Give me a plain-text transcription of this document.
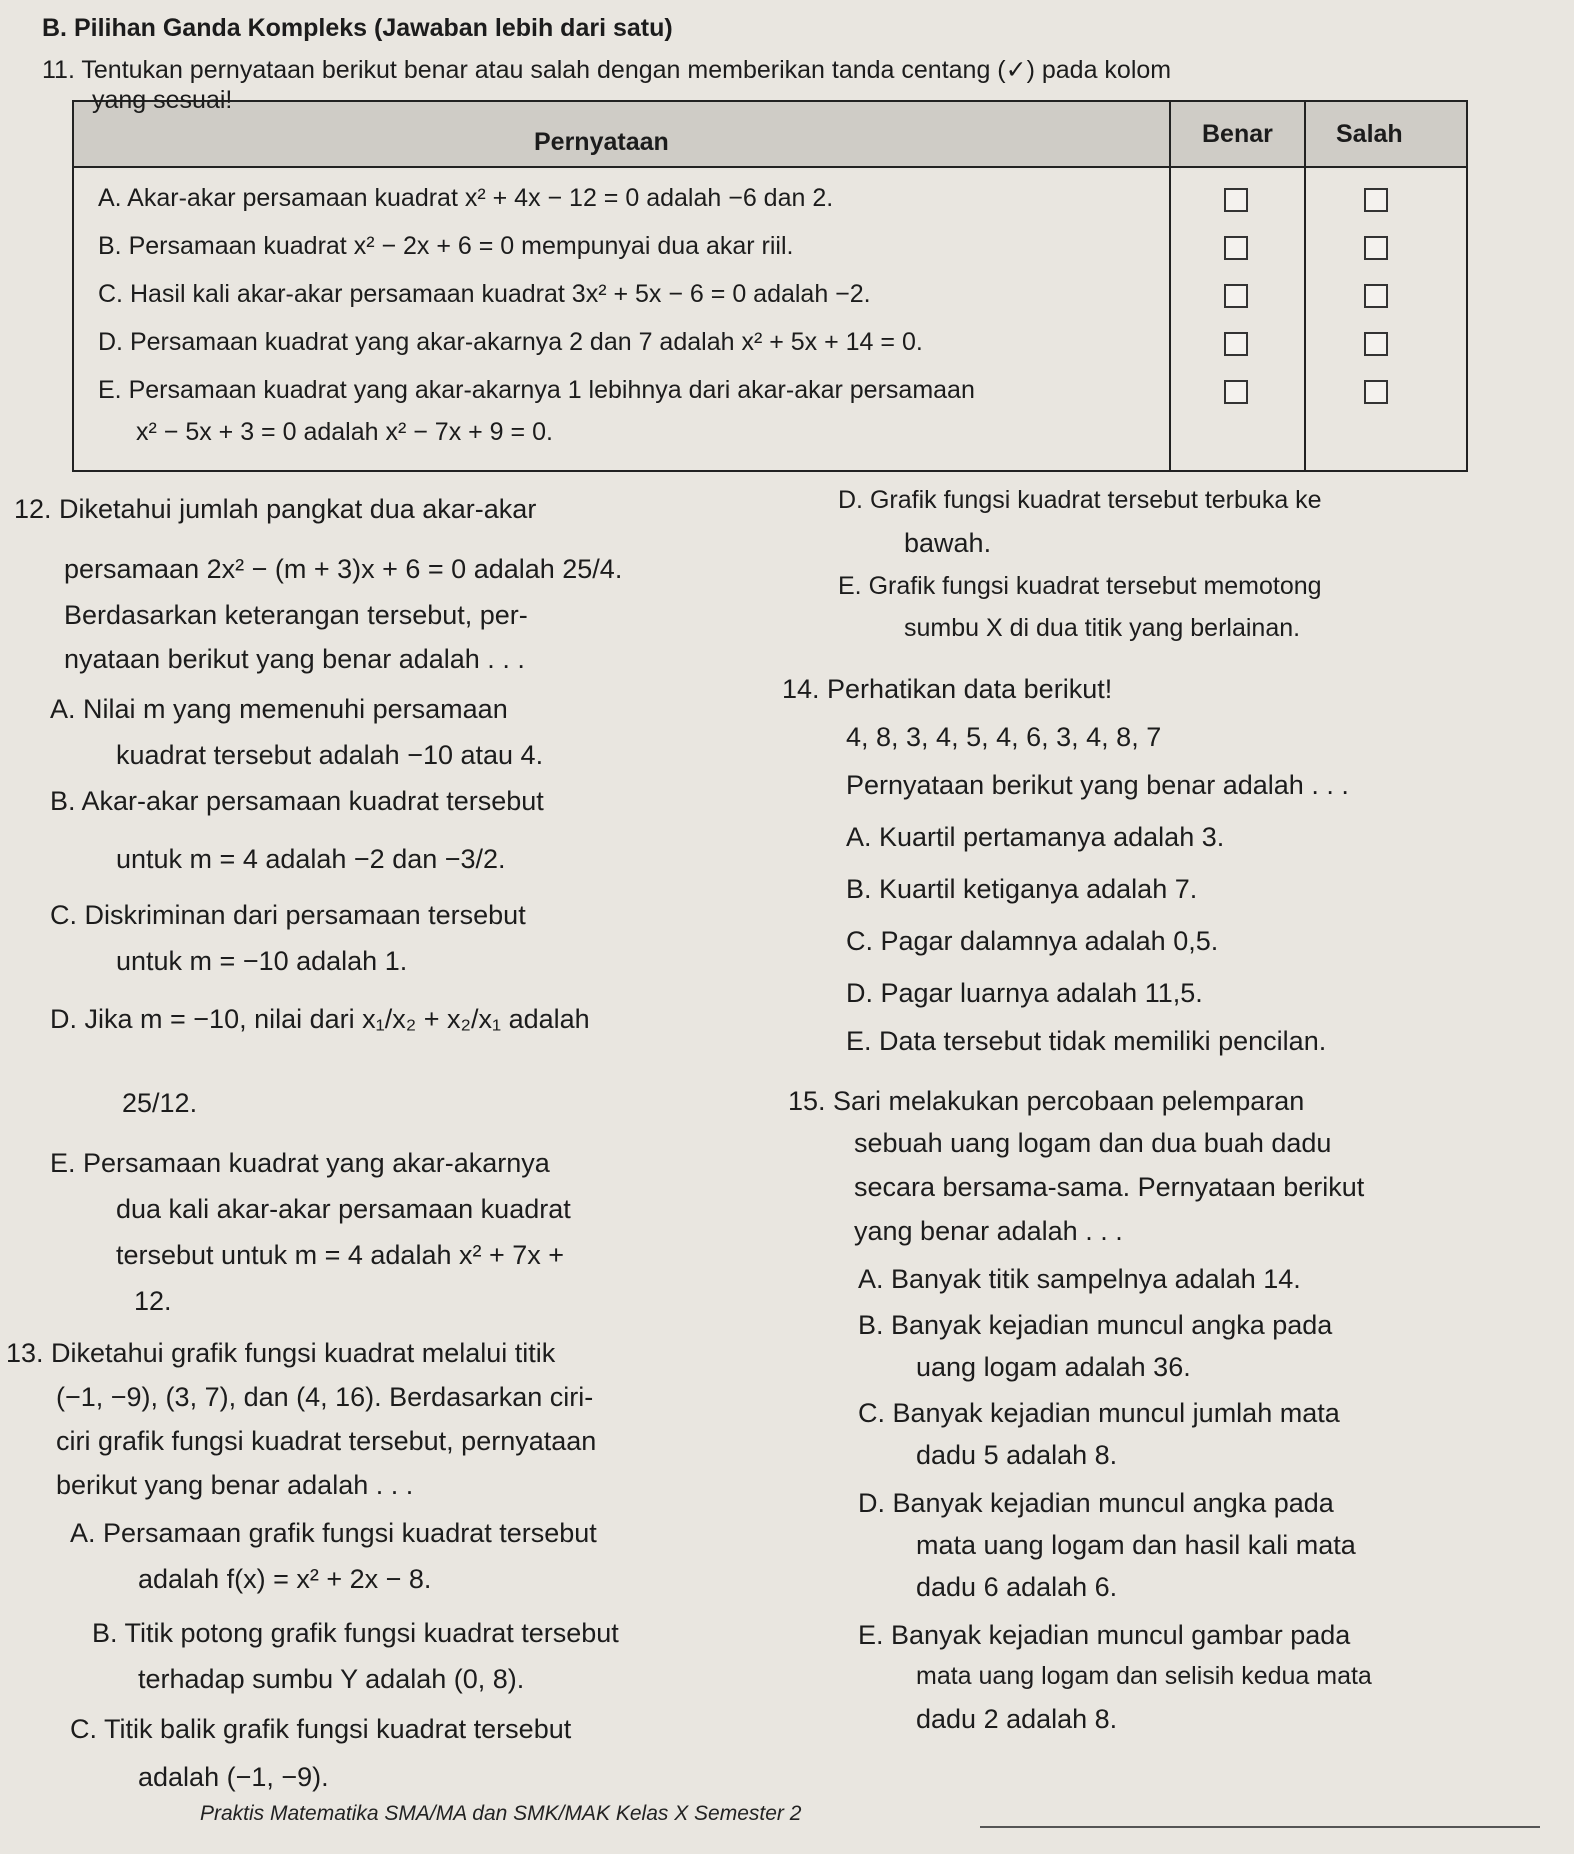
B. Pilihan Ganda Kompleks (Jawaban lebih dari satu)
11. Tentukan pernyataan berikut benar atau salah dengan memberikan tanda centang (✓) pada kolom
yang sesuai!
Pernyataan	Benar	Salah
A. Akar-akar persamaan kuadrat x² + 4x − 12 = 0 adalah −6 dan 2.
B. Persamaan kuadrat x² − 2x + 6 = 0 mempunyai dua akar riil.
C. Hasil kali akar-akar persamaan kuadrat 3x² + 5x − 6 = 0 adalah −2.
D. Persamaan kuadrat yang akar-akarnya 2 dan 7 adalah x² + 5x + 14 = 0.
E. Persamaan kuadrat yang akar-akarnya 1 lebihnya dari akar-akar persamaan
x² − 5x + 3 = 0 adalah x² − 7x + 9 = 0.
12. Diketahui jumlah pangkat dua akar-akar
persamaan 2x² − (m + 3)x + 6 = 0 adalah 25/4.
Berdasarkan keterangan tersebut, per-
nyataan berikut yang benar adalah . . .
A. Nilai m yang memenuhi persamaan
kuadrat tersebut adalah −10 atau 4.
B. Akar-akar persamaan kuadrat tersebut
untuk m = 4 adalah −2 dan −3/2.
C. Diskriminan dari persamaan tersebut
untuk m = −10 adalah 1.
D. Jika m = −10, nilai dari x₁/x₂ + x₂/x₁ adalah
25/12.
E. Persamaan kuadrat yang akar-akarnya
dua kali akar-akar persamaan kuadrat
tersebut untuk m = 4 adalah x² + 7x +
12.
13. Diketahui grafik fungsi kuadrat melalui titik
(−1, −9), (3, 7), dan (4, 16). Berdasarkan ciri-
ciri grafik fungsi kuadrat tersebut, pernyataan
berikut yang benar adalah . . .
A. Persamaan grafik fungsi kuadrat tersebut
adalah f(x) = x² + 2x − 8.
B. Titik potong grafik fungsi kuadrat tersebut
terhadap sumbu Y adalah (0, 8).
C. Titik balik grafik fungsi kuadrat tersebut
adalah (−1, −9).
D. Grafik fungsi kuadrat tersebut terbuka ke
bawah.
E. Grafik fungsi kuadrat tersebut memotong
sumbu X di dua titik yang berlainan.
14. Perhatikan data berikut!
4, 8, 3, 4, 5, 4, 6, 3, 4, 8, 7
Pernyataan berikut yang benar adalah . . .
A. Kuartil pertamanya adalah 3.
B. Kuartil ketiganya adalah 7.
C. Pagar dalamnya adalah 0,5.
D. Pagar luarnya adalah 11,5.
E. Data tersebut tidak memiliki pencilan.
15. Sari melakukan percobaan pelemparan
sebuah uang logam dan dua buah dadu
secara bersama-sama. Pernyataan berikut
yang benar adalah . . .
A. Banyak titik sampelnya adalah 14.
B. Banyak kejadian muncul angka pada
uang logam adalah 36.
C. Banyak kejadian muncul jumlah mata
dadu 5 adalah 8.
D. Banyak kejadian muncul angka pada
mata uang logam dan hasil kali mata
dadu 6 adalah 6.
E. Banyak kejadian muncul gambar pada
mata uang logam dan selisih kedua mata
dadu 2 adalah 8.
Praktis Matematika SMA/MA dan SMK/MAK Kelas X Semester 2
